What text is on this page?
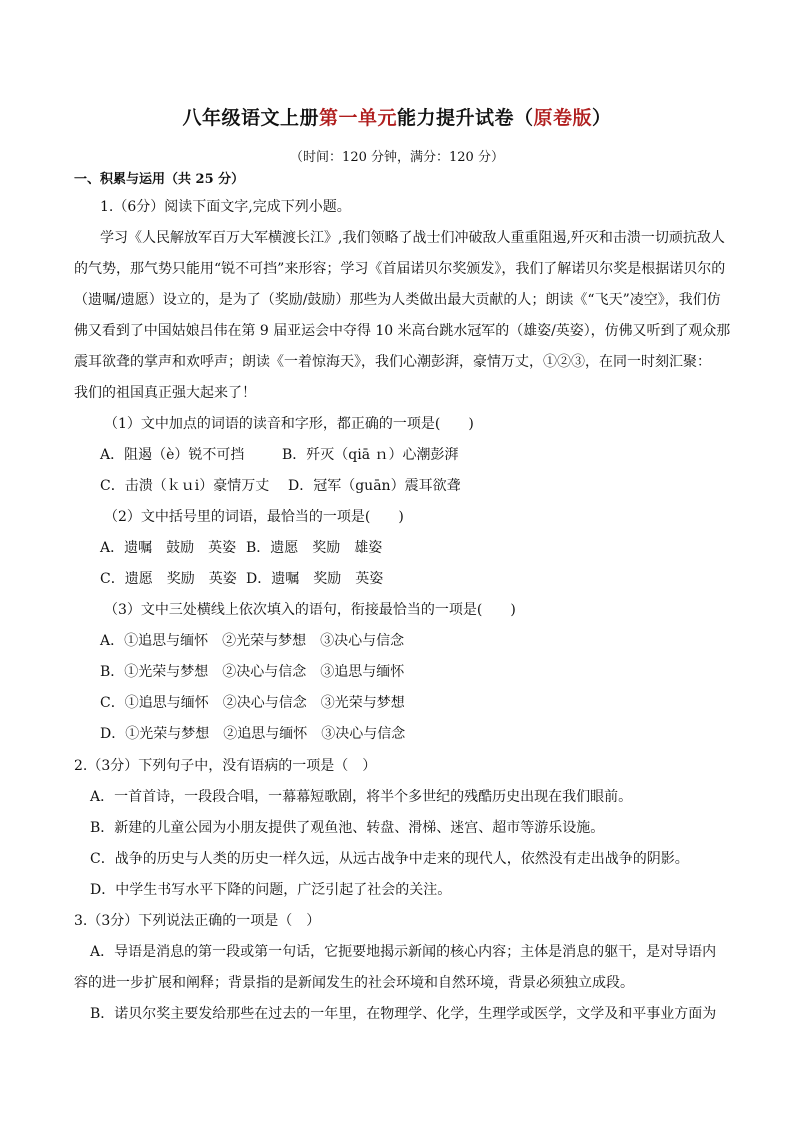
八年级语文上册第一单元能力提升试卷（原卷版）
（时间：120 分钟，满分：120 分）
一、积累与运用（共 25 分）
1.（6分）阅读下面文字,完成下列小题。
学习《人民解放军百万大军横渡长江》,我们领略了战士们冲破敌人重重阻遏,歼灭和击溃一切顽抗敌人
的气势，那气势只能用“锐不可挡”来形容；学习《首届诺贝尔奖颁发》，我们了解诺贝尔奖是根据诺贝尔的
（遗嘱/遗愿）设立的，是为了（奖励/鼓励）那些为人类做出最大贡献的人；朗读《“飞天”凌空》，我们仿
佛又看到了中国姑娘吕伟在第 9 届亚运会中夺得 10 米高台跳水冠军的（雄姿/英姿），仿佛又听到了观众那
震耳欲聋的掌声和欢呼声；朗读《一着惊海天》，我们心潮彭湃，豪情万丈，①②③，在同一时刻汇聚：
我们的祖国真正强大起来了！
（1）文中加点的词语的读音和字形，都正确的一项是(　　)
A．阻遏（è）锐不可挡	B．歼灭（qiā ｎ）心潮彭湃
C．击溃（ｋｕi）豪情万丈 D．冠军（guān）震耳欲聋
（2）文中括号里的词语，最恰当的一项是(　　)
A．遗嘱　鼓励　英姿 B．遗愿　奖励　雄姿
C．遗愿　奖励　英姿 D．遗嘱　奖励　英姿
（3）文中三处横线上依次填入的语句，衔接最恰当的一项是(　　)
A．①追思与缅怀　②光荣与梦想　③决心与信念
B．①光荣与梦想　②决心与信念　③追思与缅怀
C．①追思与缅怀　②决心与信念　③光荣与梦想
D．①光荣与梦想　②追思与缅怀　③决心与信念
2.（3分）下列句子中，没有语病的一项是（　）
A．一首首诗，一段段合唱，一幕幕短歌剧，将半个多世纪的残酷历史出现在我们眼前。
B．新建的儿童公园为小朋友提供了观鱼池、转盘、滑梯、迷宫、超市等游乐设施。
C．战争的历史与人类的历史一样久远，从远古战争中走来的现代人，依然没有走出战争的阴影。
D．中学生书写水平下降的问题，广泛引起了社会的关注。
3.（3分）下列说法正确的一项是（　）
A．导语是消息的第一段或第一句话，它扼要地揭示新闻的核心内容；主体是消息的躯干，是对导语内
容的进一步扩展和阐释；背景指的是新闻发生的社会环境和自然环境，背景必须独立成段。
B．诺贝尔奖主要发给那些在过去的一年里，在物理学、化学，生理学或医学，文学及和平事业方面为
